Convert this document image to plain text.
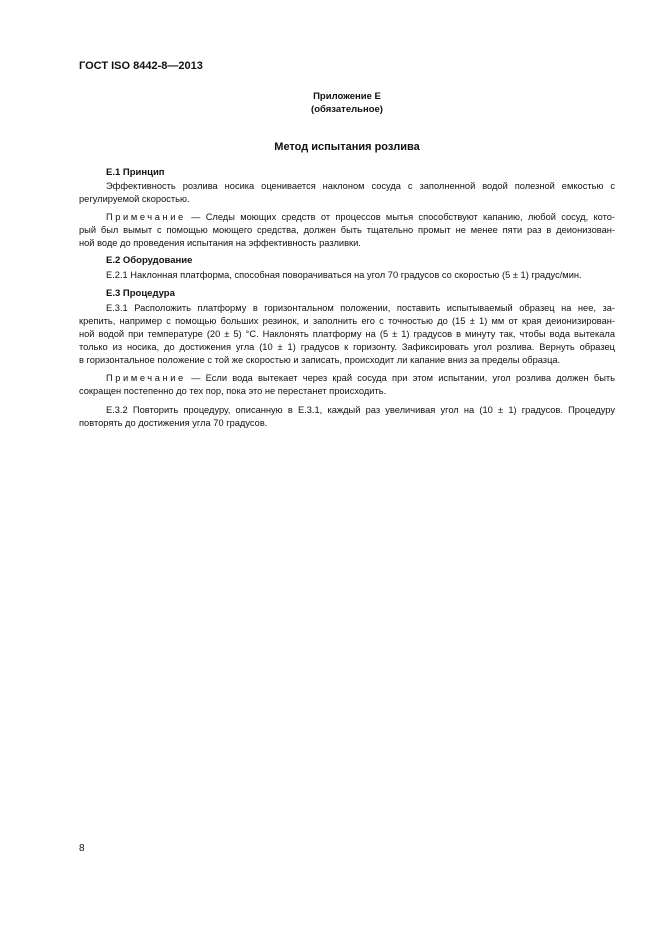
ГОСТ ISO 8442-8—2013
Приложение Е
(обязательное)
Метод испытания розлива
Е.1 Принцип
Эффективность розлива носика оценивается наклоном сосуда с заполненной водой полезной емкостью с
регулируемой скоростью.
Примечание — Следы моющих средств от процессов мытья способствуют капанию, любой сосуд, кото-
рый был вымыт с помощью моющего средства, должен быть тщательно промыт не менее пяти раз в деионизован-
ной воде до проведения испытания на эффективность разливки.
Е.2 Оборудование
Е.2.1 Наклонная платформа, способная поворачиваться на угол 70 градусов со скоростью (5 ± 1) градус/мин.
Е.3 Процедура
Е.3.1 Расположить платформу в горизонтальном положении, поставить испытываемый образец на нее, за-
крепить, например с помощью больших резинок, и заполнить его с точностью до (15 ± 1) мм от края деионизирован-
ной водой при температуре (20 ± 5) °С. Наклонять платформу на (5 ± 1) градусов в минуту так, чтобы вода вытекала
только из носика, до достижения угла (10 ± 1) градусов к горизонту. Зафиксировать угол розлива. Вернуть образец
в горизонтальное положение с той же скоростью и записать, происходит ли капание вниз за пределы образца.
Примечание — Если вода вытекает через край сосуда при этом испытании, угол розлива должен быть
сокращен постепенно до тех пор, пока это не перестанет происходить.
Е.3.2 Повторить процедуру, описанную в Е.3.1, каждый раз увеличивая угол на (10 ± 1) градусов. Процедуру
повторять до достижения угла 70 градусов.
8
